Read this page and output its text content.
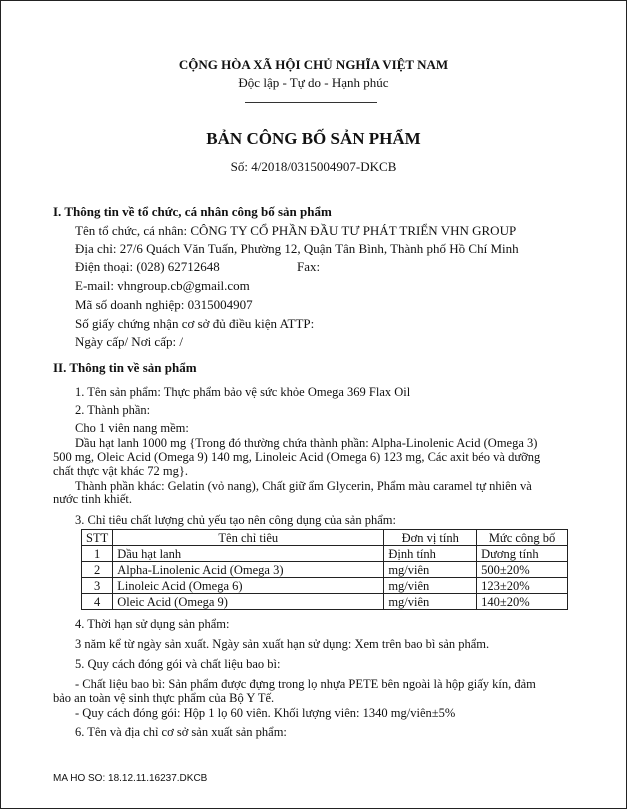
CỘNG HÒA XÃ HỘI CHỦ NGHĨA VIỆT NAM
Độc lập - Tự do - Hạnh phúc
BẢN CÔNG BỐ SẢN PHẨM
Số: 4/2018/0315004907-DKCB
I. Thông tin về tổ chức, cá nhân công bố sản phẩm
Tên tổ chức, cá nhân: CÔNG TY CỔ PHẦN ĐẦU TƯ PHÁT TRIỂN VHN GROUP
Địa chỉ: 27/6 Quách Văn Tuấn, Phường 12, Quận Tân Bình, Thành phố Hồ Chí Minh
Điện thoại: (028) 62712648	Fax:
E-mail: vhngroup.cb@gmail.com
Mã số doanh nghiệp: 0315004907
Số giấy chứng nhận cơ sở đủ điều kiện ATTP:
Ngày cấp/ Nơi cấp: /
II. Thông tin về sản phẩm
1. Tên sản phẩm: Thực phẩm bảo vệ sức khỏe Omega 369 Flax Oil
2. Thành phần:
Cho 1 viên nang mềm:
Dầu hạt lanh 1000 mg {Trong đó thường chứa thành phần: Alpha-Linolenic Acid (Omega 3)
500 mg, Oleic Acid (Omega 9) 140 mg, Linoleic Acid (Omega 6) 123 mg, Các axit béo và dưỡng
chất thực vật khác 72 mg}.
Thành phần khác: Gelatin (vỏ nang), Chất giữ ẩm Glycerin, Phẩm màu caramel tự nhiên và
nước tinh khiết.
3. Chỉ tiêu chất lượng chủ yếu tạo nên công dụng của sản phẩm:
STT	Tên chỉ tiêu	Đơn vị tính	Mức công bố
1	Dầu hạt lanh	Định tính	Dương tính
2	Alpha-Linolenic Acid (Omega 3)	mg/viên	500±20%
3	Linoleic Acid (Omega 6)	mg/viên	123±20%
4	Oleic Acid (Omega 9)	mg/viên	140±20%
4. Thời hạn sử dụng sản phẩm:
3 năm kể từ ngày sản xuất. Ngày sản xuất hạn sử dụng: Xem trên bao bì sản phẩm.
5. Quy cách đóng gói và chất liệu bao bì:
- Chất liệu bao bì: Sản phẩm được đựng trong lọ nhựa PETE bên ngoài là hộp giấy kín, đảm
bảo an toàn vệ sinh thực phẩm của Bộ Y Tế.
- Quy cách đóng gói: Hộp 1 lọ 60 viên. Khối lượng viên: 1340 mg/viên±5%
6. Tên và địa chỉ cơ sở sản xuất sản phẩm:
MA HO SO: 18.12.11.16237.DKCB
